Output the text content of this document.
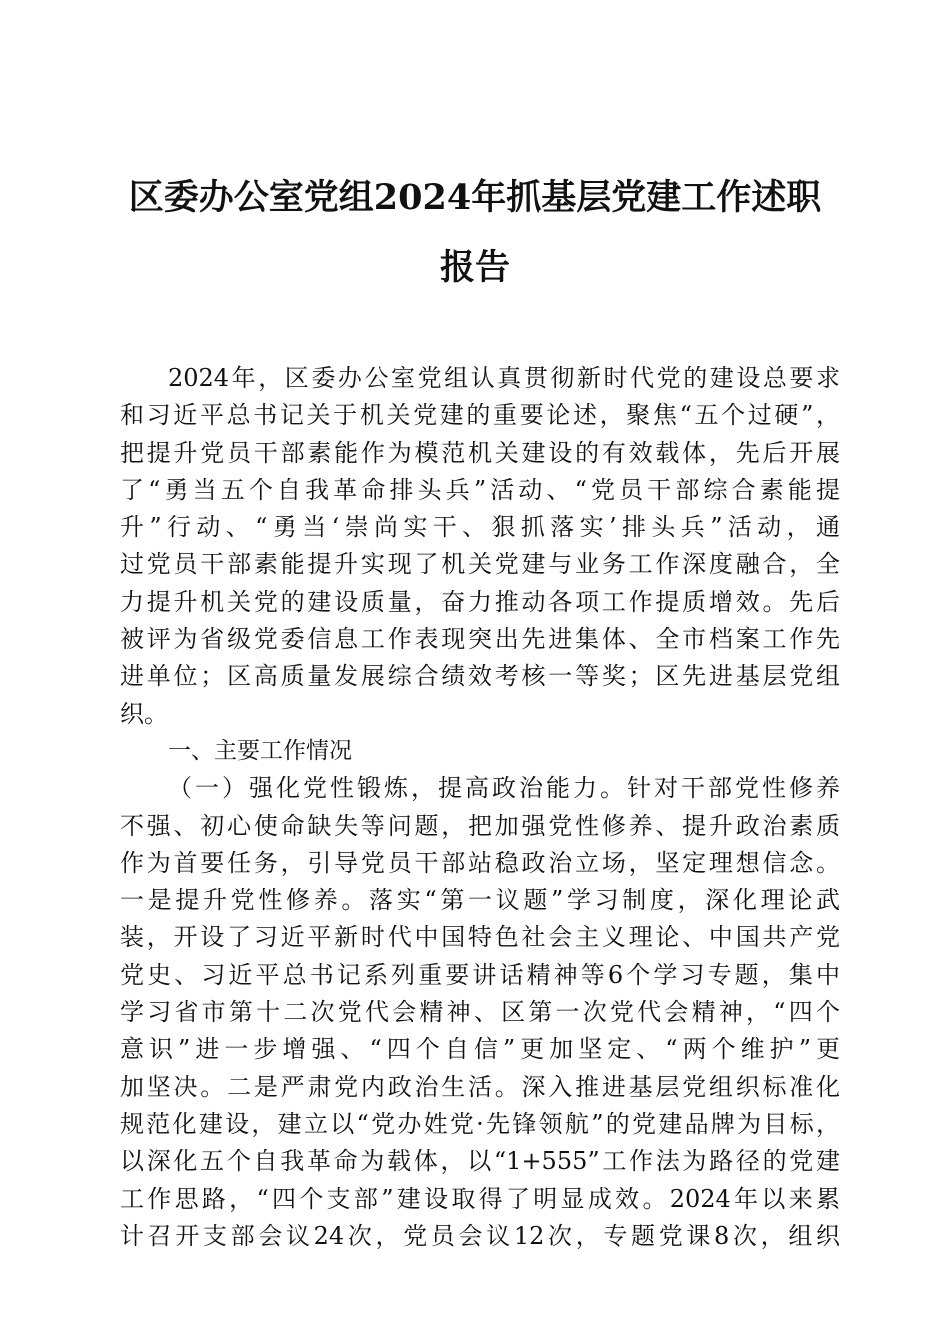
区委办公室党组2024年抓基层党建工作述职
报告
2024年，区委办公室党组认真贯彻新时代党的建设总要求
和习近平总书记关于机关党建的重要论述，聚焦“五个过硬”，
把提升党员干部素能作为模范机关建设的有效载体，先后开展
了“勇当五个自我革命排头兵”活动、“党员干部综合素能提
升”行动、“勇当‘崇尚实干、狠抓落实’排头兵”活动，通
过党员干部素能提升实现了机关党建与业务工作深度融合，全
力提升机关党的建设质量，奋力推动各项工作提质增效。先后
被评为省级党委信息工作表现突出先进集体、全市档案工作先
进单位；区高质量发展综合绩效考核一等奖；区先进基层党组
织。
一、主要工作情况
（一）强化党性锻炼，提高政治能力。针对干部党性修养
不强、初心使命缺失等问题，把加强党性修养、提升政治素质
作为首要任务，引导党员干部站稳政治立场，坚定理想信念。
一是提升党性修养。落实“第一议题”学习制度，深化理论武
装，开设了习近平新时代中国特色社会主义理论、中国共产党
党史、习近平总书记系列重要讲话精神等6个学习专题，集中
学习省市第十二次党代会精神、区第一次党代会精神，“四个
意识”进一步增强、“四个自信”更加坚定、“两个维护”更
加坚决。二是严肃党内政治生活。深入推进基层党组织标准化
规范化建设，建立以“党办姓党·先锋领航”的党建品牌为目标，
以深化五个自我革命为载体，以“1+555”工作法为路径的党建
工作思路，“四个支部”建设取得了明显成效。2024年以来累
计召开支部会议24次，党员会议12次，专题党课8次，组织
